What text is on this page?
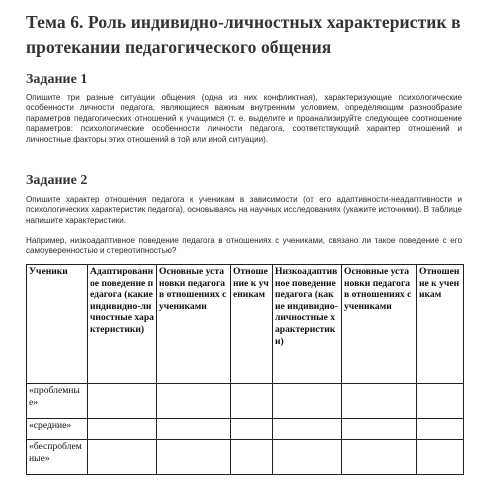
Тема 6. Роль индивидно-личностных характеристик в протекании педагогического общения
Задание 1

Опишите три разные ситуации общения (одна из них конфликтная), характеризующие психологические особенности личности педагога, являющиеся важным внутренним условием, определяющим разнообразие параметров педагогических отношений к учащимся (т. е. выделите и проанализируйте следующее соотношение параметров: психологические особенности личности педагога, соответствующий характер отношений и личностные факторы этих отношений в той или иной ситуации).

Задание 2

Опишите характер отношения педагога к ученикам в зависимости (от его адаптивности-неадаптивности и психологических характеристик педагога), основываясь на научных исследованиях (укажите источники). В таблице напишите характеристики.

Например, низкоадаптивное поведение педагога в отношениях с учениками, связано ли такое поведение с его самоуверенностью и стереотипностью?

Ученики	Адаптированное поведение педагога (какие индивидно-личностные характеристики)	Основные установки педагога в отношениях с учениками	Отношение к ученикам	Низкоадаптивное поведение педагога (какие индивидно-личностные характеристики)	Основные установки педагога в отношениях с учениками	Отношение к ученикам
«проблемные»						
«средние»						
«беспроблемные»						
